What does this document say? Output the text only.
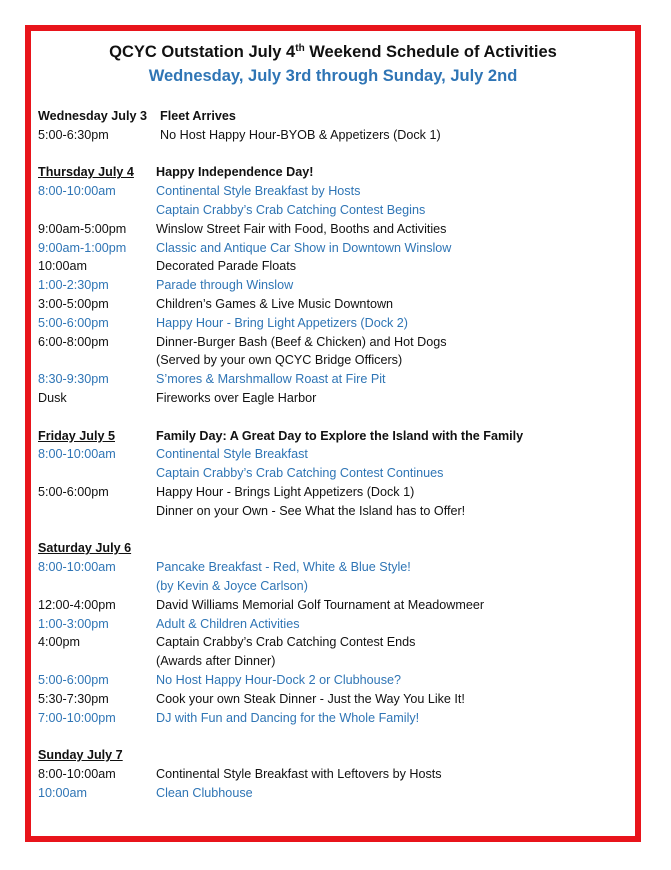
QCYC Outstation July 4th Weekend Schedule of Activities
Wednesday, July 3rd through Sunday, July 2nd
Wednesday July 3 Fleet Arrives
5:00-6:30pm	No Host Happy Hour-BYOB & Appetizers (Dock 1)
Thursday July 4 Happy Independence Day!
8:00-10:00am	Continental Style Breakfast by Hosts
Captain Crabby’s Crab Catching Contest Begins
9:00am-5:00pm Winslow Street Fair with Food, Booths and Activities
9:00am-1:00pm Classic and Antique Car Show in Downtown Winslow
10:00am	Decorated Parade Floats
1:00-2:30pm	Parade through Winslow
3:00-5:00pm	Children’s Games & Live Music Downtown
5:00-6:00pm	Happy Hour - Bring Light Appetizers (Dock 2)
6:00-8:00pm	Dinner-Burger Bash (Beef & Chicken) and Hot Dogs
(Served by your own QCYC Bridge Officers)
8:30-9:30pm	S’mores & Marshmallow Roast at Fire Pit
Dusk	Fireworks over Eagle Harbor
Friday July 5	Family Day: A Great Day to Explore the Island with the Family
8:00-10:00am	Continental Style Breakfast
Captain Crabby’s Crab Catching Contest Continues
5:00-6:00pm	Happy Hour - Brings Light Appetizers (Dock 1)
Dinner on your Own - See What the Island has to Offer!
Saturday July 6
8:00-10:00am	Pancake Breakfast - Red, White & Blue Style!
(by Kevin & Joyce Carlson)
12:00-4:00pm	David Williams Memorial Golf Tournament at Meadowmeer
1:00-3:00pm	Adult & Children Activities
4:00pm	Captain Crabby’s Crab Catching Contest Ends
(Awards after Dinner)
5:00-6:00pm	No Host Happy Hour-Dock 2 or Clubhouse?
5:30-7:30pm	Cook your own Steak Dinner - Just the Way You Like It!
7:00-10:00pm	DJ with Fun and Dancing for the Whole Family!
Sunday July 7
8:00-10:00am	Continental Style Breakfast with Leftovers by Hosts
10:00am	Clean Clubhouse
